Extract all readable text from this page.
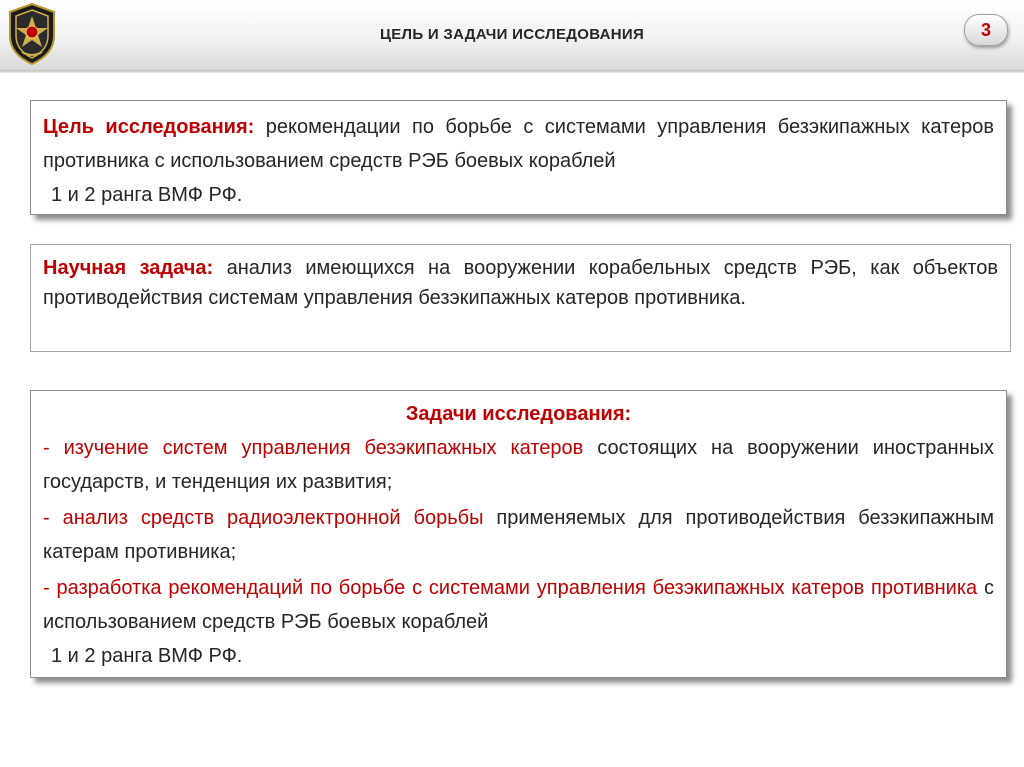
ЦЕЛЬ И ЗАДАЧИ ИССЛЕДОВАНИЯ	3
Цель исследования: рекомендации по борьбе с системами управления безэкипажных катеров противника с использованием средств РЭБ боевых кораблей
1 и 2 ранга ВМФ РФ.
Научная задача: анализ имеющихся на вооружении корабельных средств РЭБ, как объектов противодействия системам управления безэкипажных катеров противника.
Задачи исследования:
- изучение систем управления безэкипажных катеров состоящих на вооружении иностранных государств, и тенденция их развития;
- анализ средств радиоэлектронной борьбы применяемых для противодействия безэкипажным катерам противника;
- разработка рекомендаций по борьбе с системами управления безэкипажных катеров противника с использованием средств РЭБ боевых кораблей
1 и 2 ранга ВМФ РФ.
